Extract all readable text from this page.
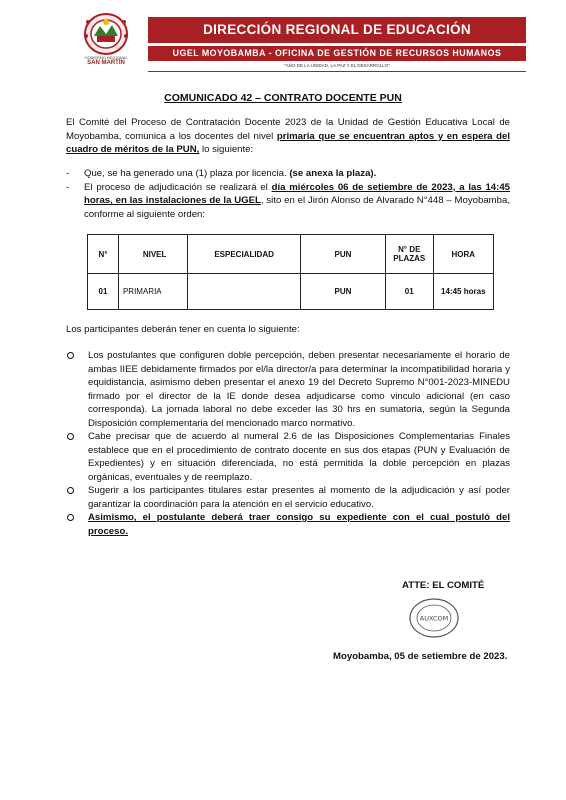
GOBIERNO REGIONAL
SAN MARTÍN
DIRECCIÓN REGIONAL DE EDUCACIÓN
UGEL MOYOBAMBA - OFICINA DE GESTIÓN DE RECURSOS HUMANOS
"AÑO DE LA UNIDAD, LA PAZ Y EL DESARROLLO"
COMUNICADO 42 – CONTRATO DOCENTE PUN
El Comité del Proceso de Contratación Docente 2023 de la Unidad de Gestión Educativa Local de Moyobamba, comunica a los docentes del nivel primaria que se encuentran aptos y en espera del cuadro de méritos de la PUN, lo siguiente:
- Que, se ha generado una (1) plaza por licencia. (se anexa la plaza).
- El proceso de adjudicación se realizará el día miércoles 06 de setiembre de 2023, a las 14:45 horas, en las instalaciones de la UGEL, sito en el Jirón Alonso de Alvarado N°448 – Moyobamba, conforme al siguiente orden:
N°	NIVEL	ESPECIALIDAD	PUN	N° DE PLAZAS	HORA
01	PRIMARIA		PUN	01	14:45 horas
Los participantes deberán tener en cuenta lo siguiente:
Los postulantes que configuren doble percepción, deben presentar necesariamente el horario de ambas IIEE debidamente firmados por el/la director/a para determinar la incompatibilidad horaria y equidistancia, asimismo deben presentar el anexo 19 del Decreto Supremo N°001-2023-MINEDU firmado por el director de la IE donde desea adjudicarse como vinculo adicional (en caso corresponda). La jornada laboral no debe exceder las 30 hrs en sumatoria, según la Segunda Disposición complementaria del mencionado marco normativo.
Cabe precisar que de acuerdo al numeral 2.6 de las Disposiciones Complementarias Finales establece que en el procedimiento de contrato docente en sus dos etapas (PUN y Evaluación de Expedientes) y en situación diferenciada, no está permitida la doble percepción en plazas orgánicas, eventuales y de reemplazo.
Sugerir a los participantes titulares estar presentes al momento de la adjudicación y así poder garantizar la coordinación para la atención en el servicio educativo.
Asimismo, el postulante deberá traer consigo su expediente con el cual postuló del proceso.
ATTE: EL COMITÉ
AUXCOM
Moyobamba, 05 de setiembre de 2023.
